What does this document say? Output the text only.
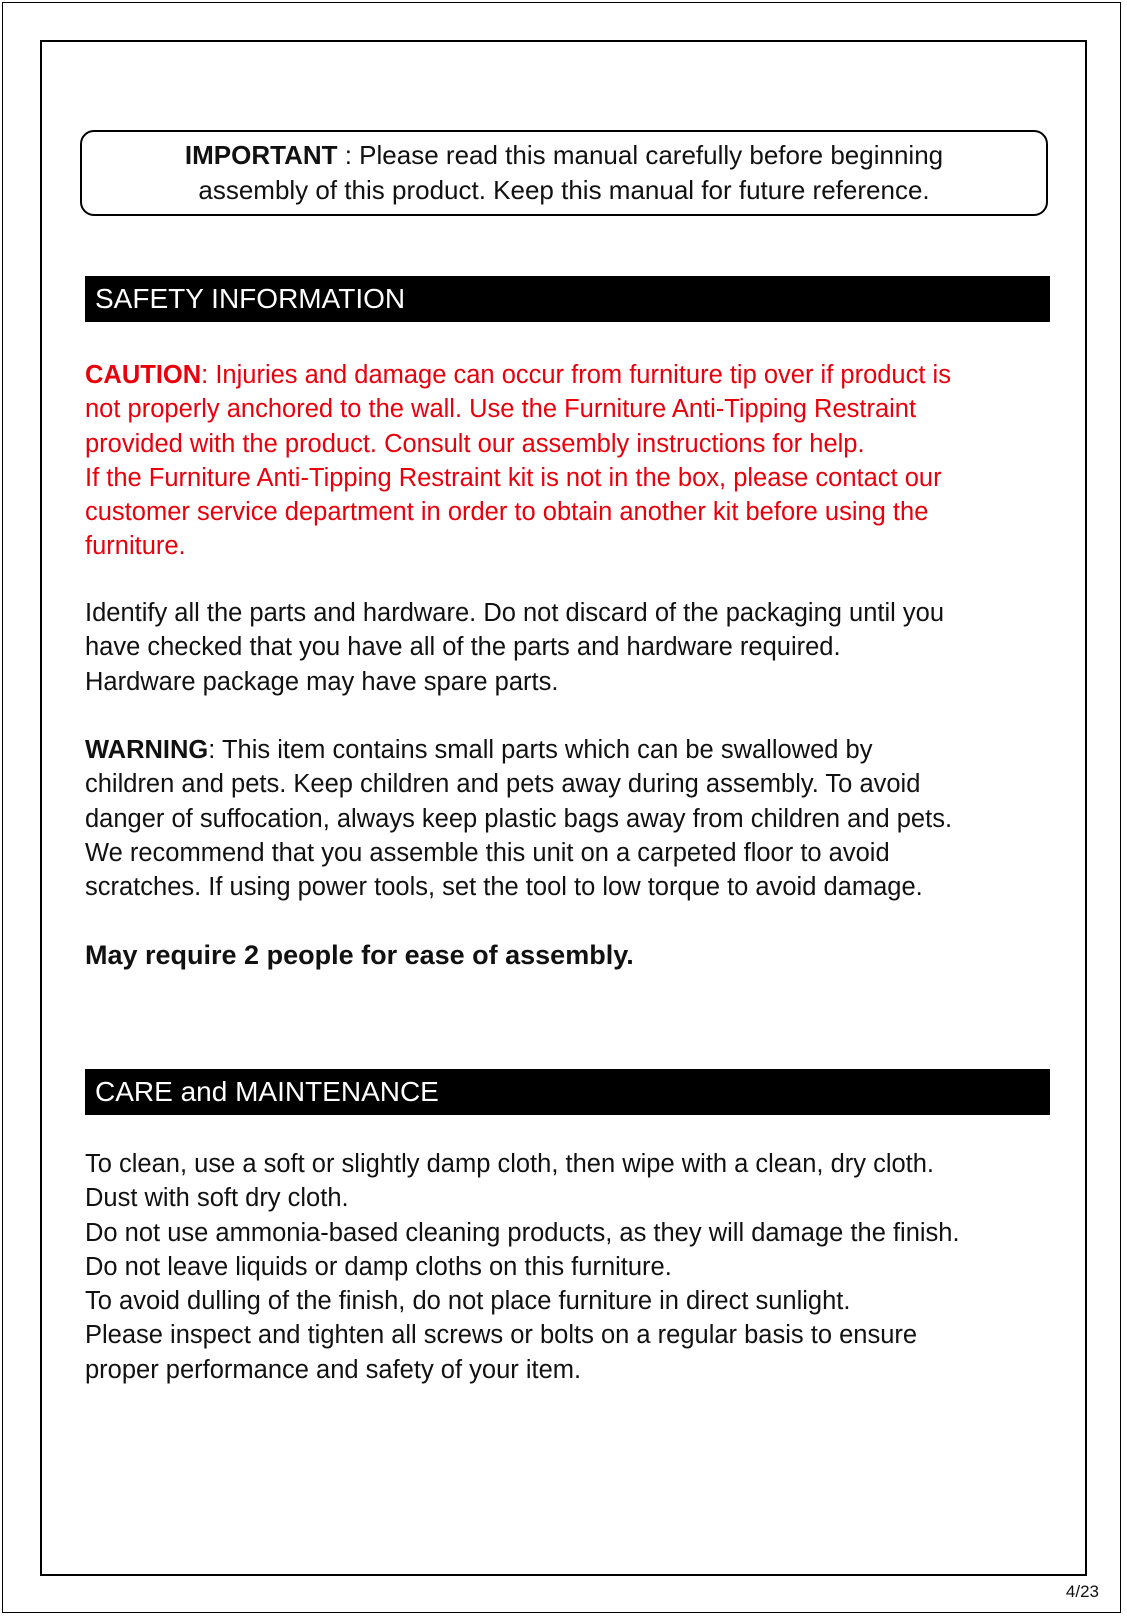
IMPORTANT : Please read this manual carefully before beginning
assembly of this product. Keep this manual for future reference.
SAFETY INFORMATION
CAUTION: Injuries and damage can occur from furniture tip over if product is
not properly anchored to the wall. Use the Furniture Anti-Tipping Restraint
provided with the product. Consult our assembly instructions for help.
If the Furniture Anti-Tipping Restraint kit is not in the box, please contact our
customer service department in order to obtain another kit before using the
furniture.
Identify all the parts and hardware. Do not discard of the packaging until you
have checked that you have all of the parts and hardware required.
Hardware package may have spare parts.
WARNING: This item contains small parts which can be swallowed by
children and pets. Keep children and pets away during assembly. To avoid
danger of suffocation, always keep plastic bags away from children and pets.
We recommend that you assemble this unit on a carpeted floor to avoid
scratches. If using power tools, set the tool to low torque to avoid damage.
May require 2 people for ease of assembly.
CARE and MAINTENANCE
To clean, use a soft or slightly damp cloth, then wipe with a clean, dry cloth.
Dust with soft dry cloth.
Do not use ammonia-based cleaning products, as they will damage the finish.
Do not leave liquids or damp cloths on this furniture.
To avoid dulling of the finish, do not place furniture in direct sunlight.
Please inspect and tighten all screws or bolts on a regular basis to ensure
proper performance and safety of your item.
4/23
